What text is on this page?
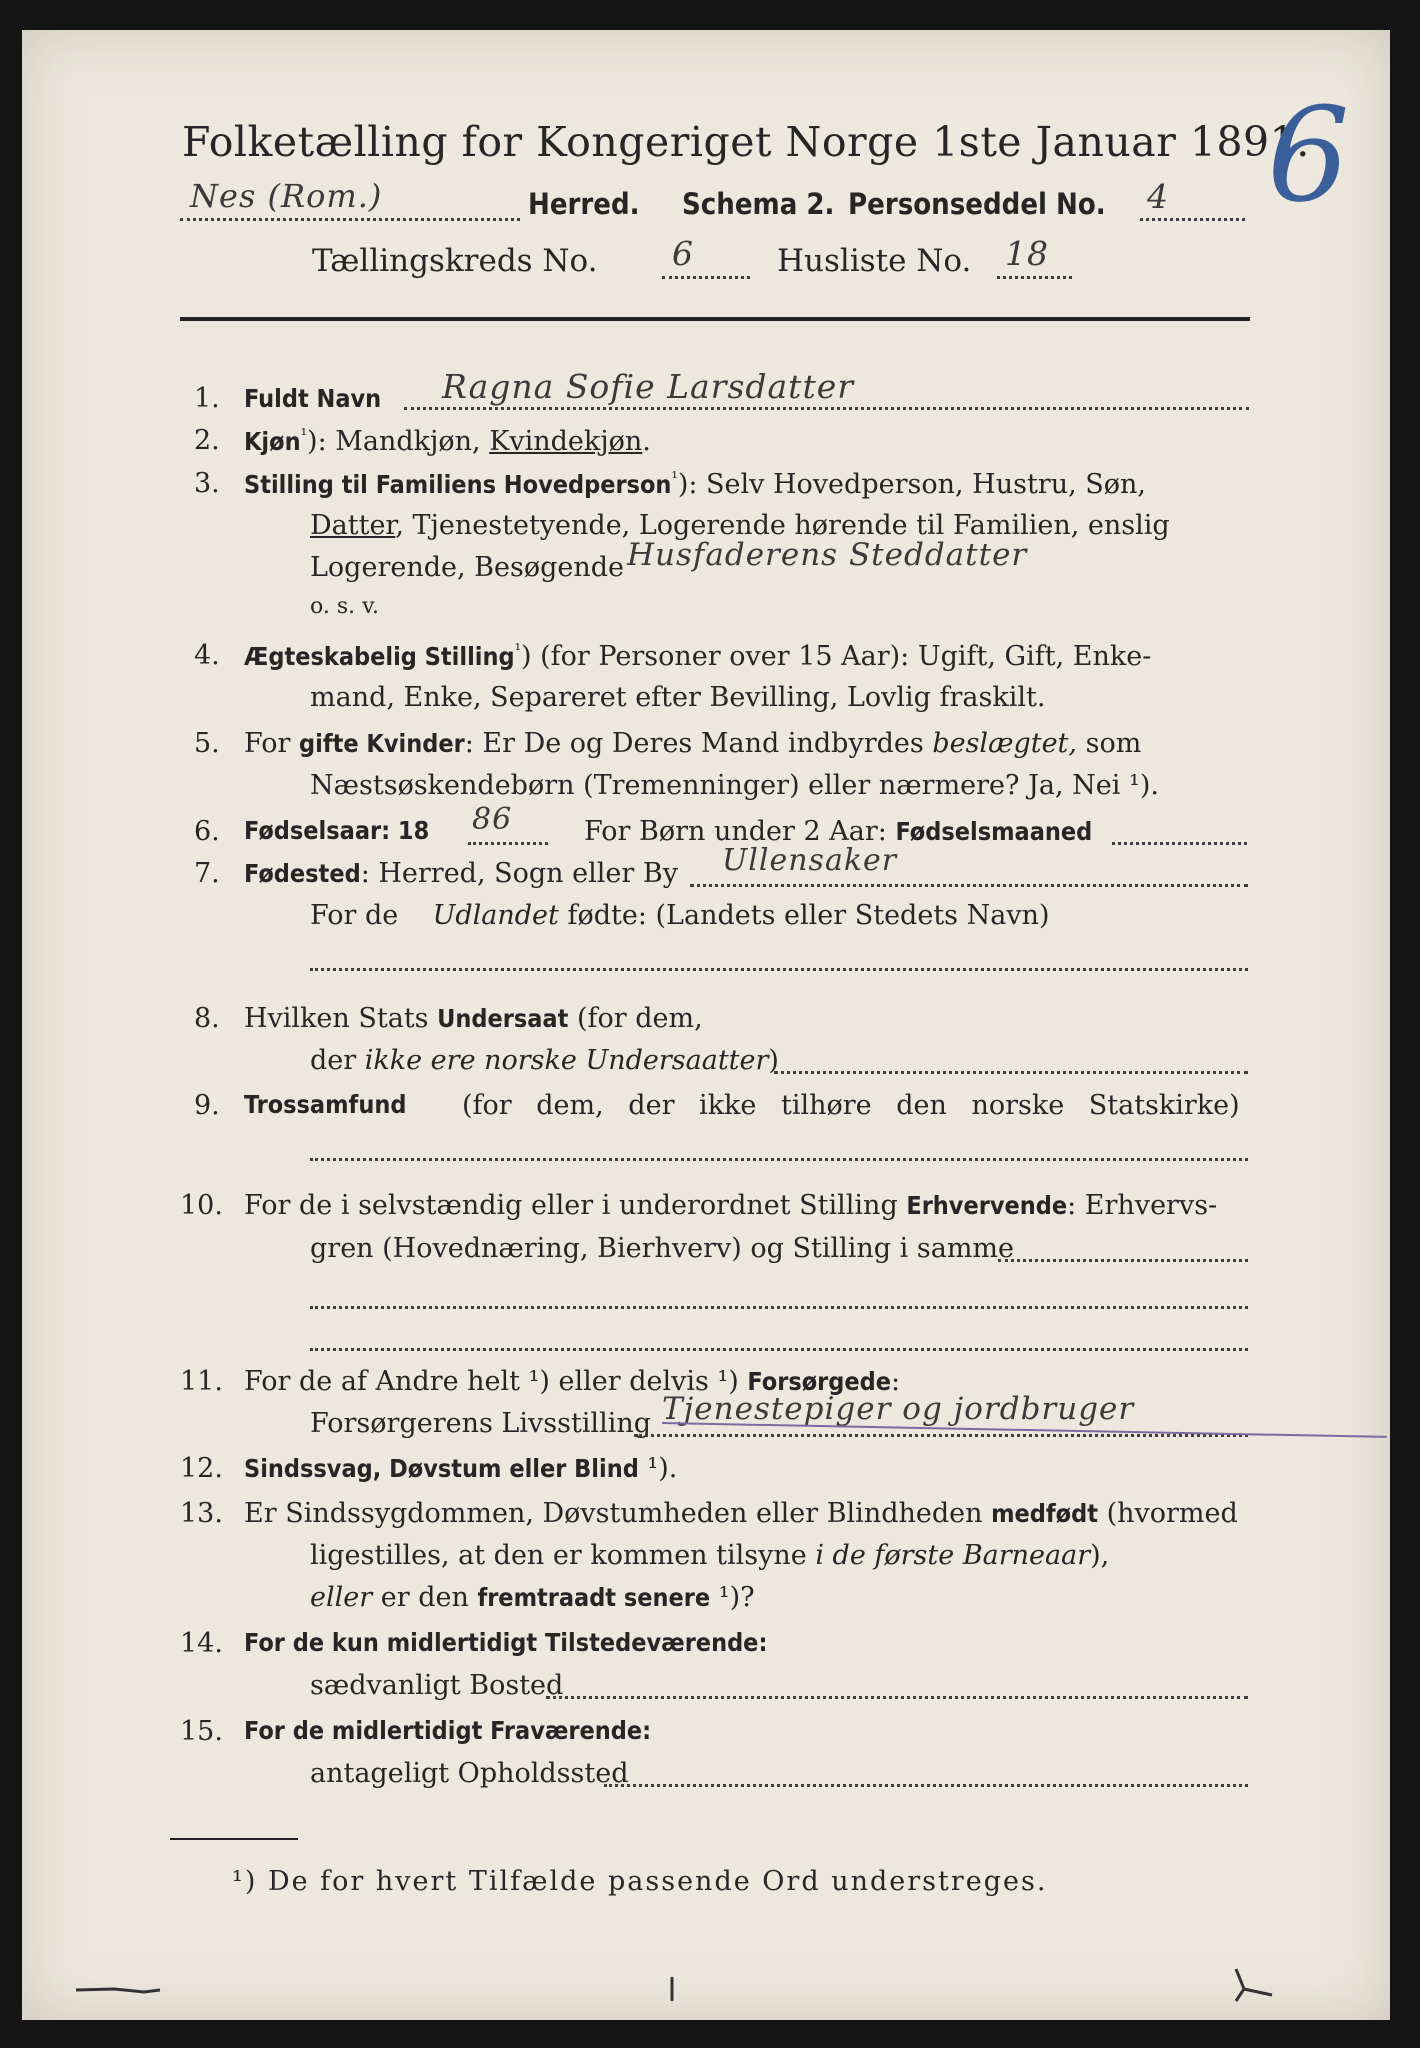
Folketælling for Kongeriget Norge 1ste Januar 1891.
Nes (Rom.)	Herred. Schema 2. Personseddel No. 4 6
Tællingskreds No. 6	Husliste No. 18
1. Fuldt Navn Ragna Sofie Larsdatter
2. Kjøn$^{^1}$): Mandkjøn, Kvindekjøn.
3. Stilling til Familiens Hovedperson$^{^1}$): Selv Hovedperson, Hustru, Søn,
Datter, Tjenestetyende, Logerende hørende til Familien, enslig
Logerende, Besøgende Husfaderens Steddatter
o. s. v.
4. Ægteskabelig Stilling$^{^1}$) (for Personer over 15 Aar): Ugift, Gift, Enke-
mand, Enke, Separeret efter Bevilling, Lovlig fraskilt.
5. For gifte Kvinder: Er De og Deres Mand indbyrdes beslægtet, som
Næstsøskendebørn (Tremenninger) eller nærmere? Ja, Nei ¹).
6. Fødselsaar: 18 86	For Børn under 2 Aar: Fødselsmaaned
7. Fødested: Herred, Sogn eller By Ullensaker
For de Udlandet fødte: (Landets eller Stedets Navn)
8. Hvilken Stats Undersaat (for dem,
der ikke ere norske Undersaatter)
9. Trossamfund (for dem, der ikke tilhøre den norske Statskirke)
10. For de i selvstændig eller i underordnet Stilling Erhvervende: Erhvervs-
gren (Hovednæring, Bierhverv) og Stilling i samme
11. For de af Andre helt ¹) eller delvis ¹) Forsørgede:
Forsørgerens Livsstilling Tjenestepiger og jordbruger
12. Sindssvag, Døvstum eller Blind ¹).
13. Er Sindssygdommen, Døvstumheden eller Blindheden medfødt (hvormed
ligestilles, at den er kommen tilsyne i de første Barneaar),
eller er den fremtraadt senere ¹)?
14. For de kun midlertidigt Tilstedeværende:
sædvanligt Bosted
15. For de midlertidigt Fraværende:
antageligt Opholdssted
¹) De for hvert Tilfælde passende Ord understreges.
